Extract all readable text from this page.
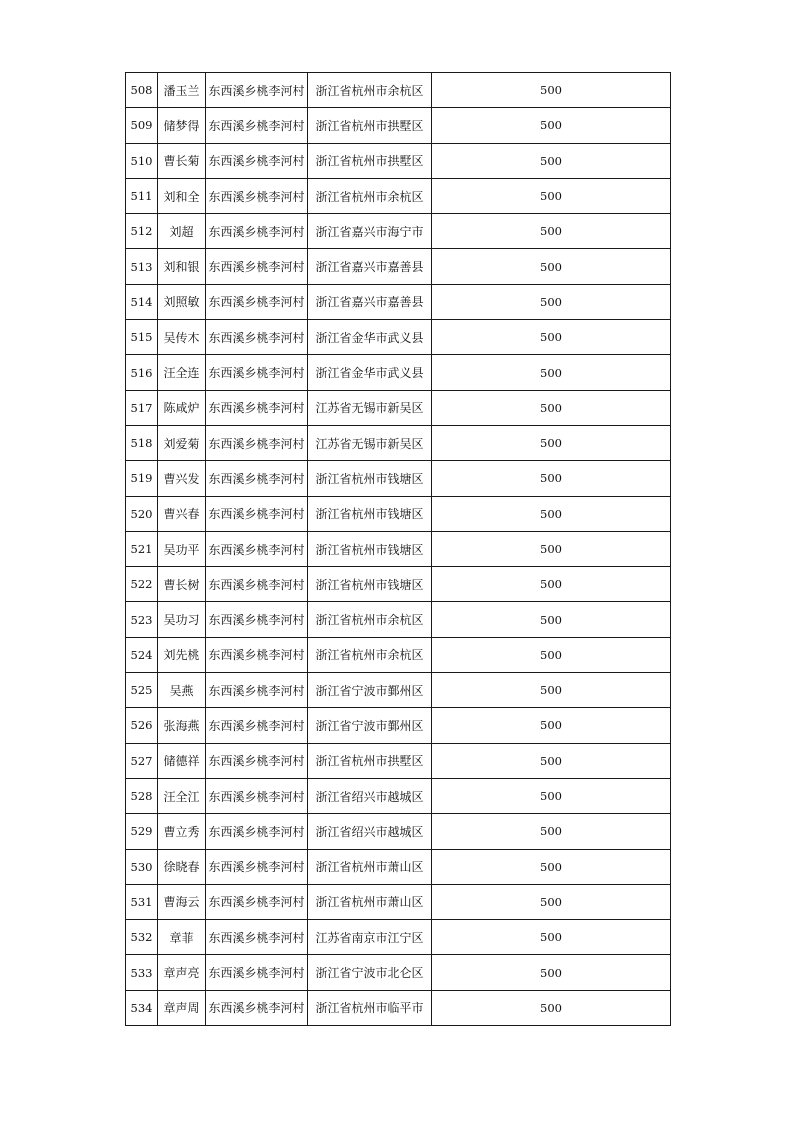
508	潘玉兰	东西溪乡桃李河村	浙江省杭州市余杭区	500
509	储梦得	东西溪乡桃李河村	浙江省杭州市拱墅区	500
510	曹长菊	东西溪乡桃李河村	浙江省杭州市拱墅区	500
511	刘和全	东西溪乡桃李河村	浙江省杭州市余杭区	500
512	刘超	东西溪乡桃李河村	浙江省嘉兴市海宁市	500
513	刘和银	东西溪乡桃李河村	浙江省嘉兴市嘉善县	500
514	刘照敏	东西溪乡桃李河村	浙江省嘉兴市嘉善县	500
515	吴传木	东西溪乡桃李河村	浙江省金华市武义县	500
516	汪全连	东西溪乡桃李河村	浙江省金华市武义县	500
517	陈咸炉	东西溪乡桃李河村	江苏省无锡市新吴区	500
518	刘爱菊	东西溪乡桃李河村	江苏省无锡市新吴区	500
519	曹兴发	东西溪乡桃李河村	浙江省杭州市钱塘区	500
520	曹兴春	东西溪乡桃李河村	浙江省杭州市钱塘区	500
521	吴功平	东西溪乡桃李河村	浙江省杭州市钱塘区	500
522	曹长树	东西溪乡桃李河村	浙江省杭州市钱塘区	500
523	吴功习	东西溪乡桃李河村	浙江省杭州市余杭区	500
524	刘先桃	东西溪乡桃李河村	浙江省杭州市余杭区	500
525	吴燕	东西溪乡桃李河村	浙江省宁波市鄞州区	500
526	张海燕	东西溪乡桃李河村	浙江省宁波市鄞州区	500
527	储德祥	东西溪乡桃李河村	浙江省杭州市拱墅区	500
528	汪全江	东西溪乡桃李河村	浙江省绍兴市越城区	500
529	曹立秀	东西溪乡桃李河村	浙江省绍兴市越城区	500
530	徐晓春	东西溪乡桃李河村	浙江省杭州市萧山区	500
531	曹海云	东西溪乡桃李河村	浙江省杭州市萧山区	500
532	章菲	东西溪乡桃李河村	江苏省南京市江宁区	500
533	章声亮	东西溪乡桃李河村	浙江省宁波市北仑区	500
534	章声周	东西溪乡桃李河村	浙江省杭州市临平市	500
